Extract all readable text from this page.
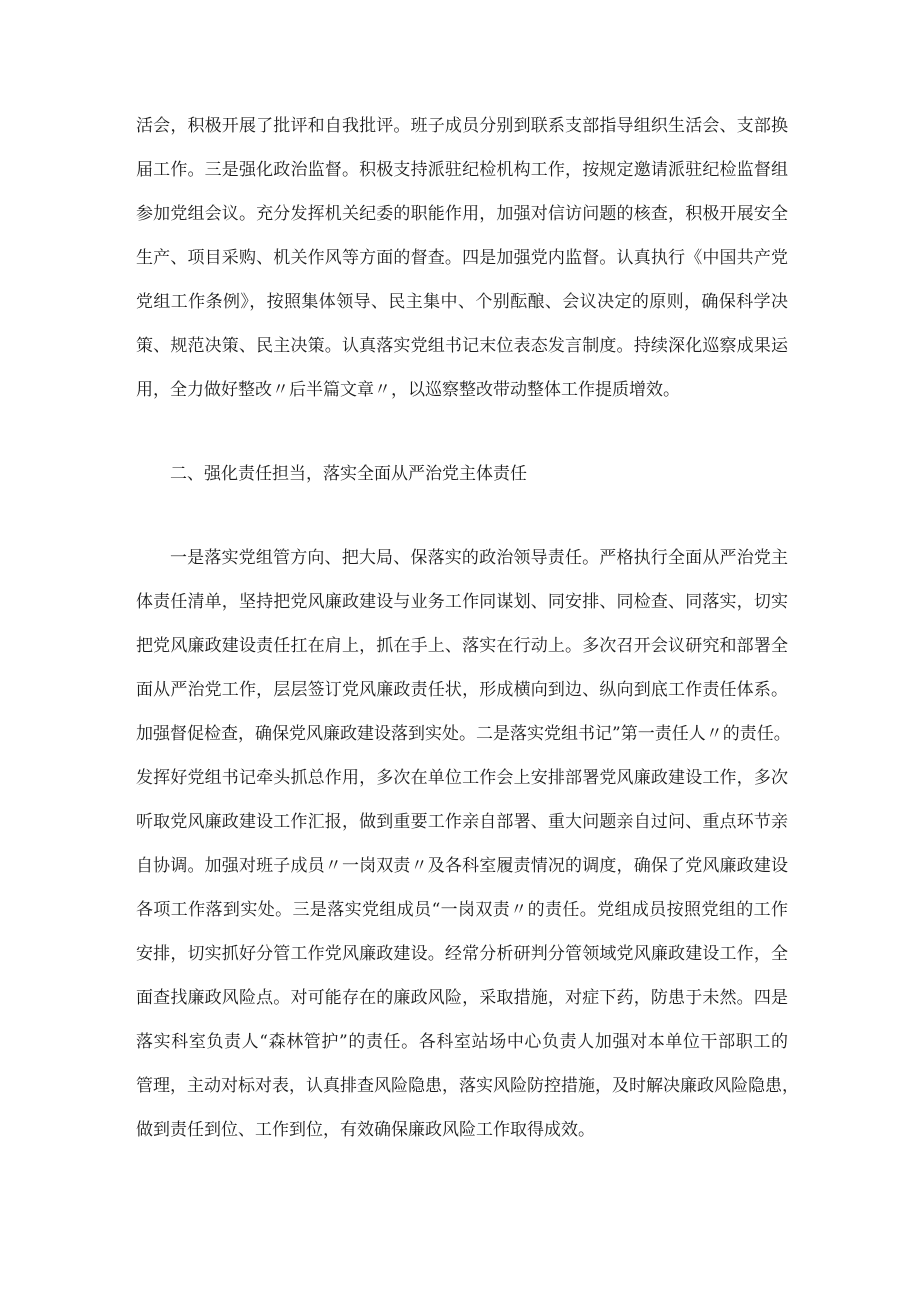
活会，积极开展了批评和自我批评。班子成员分别到联系支部指导组织生活会、支部换
届工作。三是强化政治监督。积极支持派驻纪检机构工作，按规定邀请派驻纪检监督组
参加党组会议。充分发挥机关纪委的职能作用，加强对信访问题的核查，积极开展安全
生产、项目采购、机关作风等方面的督查。四是加强党内监督。认真执行《中国共产党
党组工作条例》，按照集体领导、民主集中、个别酝酿、会议决定的原则，确保科学决
策、规范决策、民主决策。认真落实党组书记末位表态发言制度。持续深化巡察成果运
用，全力做好整改〃后半篇文章〃，以巡察整改带动整体工作提质增效。
二、强化责任担当，落实全面从严治党主体责任
一是落实党组管方向、把大局、保落实的政治领导责任。严格执行全面从严治党主
体责任清单，坚持把党风廉政建设与业务工作同谋划、同安排、同检查、同落实，切实
把党风廉政建设责任扛在肩上，抓在手上、落实在行动上。多次召开会议研究和部署全
面从严治党工作，层层签订党风廉政责任状，形成横向到边、纵向到底工作责任体系。
加强督促检查，确保党风廉政建设落到实处。二是落实党组书记”第一责任人〃的责任。
发挥好党组书记牵头抓总作用，多次在单位工作会上安排部署党风廉政建设工作，多次
听取党风廉政建设工作汇报，做到重要工作亲自部署、重大问题亲自过问、重点环节亲
自协调。加强对班子成员〃一岗双责〃及各科室履责情况的调度，确保了党风廉政建设
各项工作落到实处。三是落实党组成员“一岗双责〃的责任。党组成员按照党组的工作
安排，切实抓好分管工作党风廉政建设。经常分析研判分管领域党风廉政建设工作，全
面查找廉政风险点。对可能存在的廉政风险，采取措施，对症下药，防患于未然。四是
落实科室负责人“森林管护”的责任。各科室站场中心负责人加强对本单位干部职工的
管理，主动对标对表，认真排查风险隐患，落实风险防控措施，及时解决廉政风险隐患，
做到责任到位、工作到位，有效确保廉政风险工作取得成效。
